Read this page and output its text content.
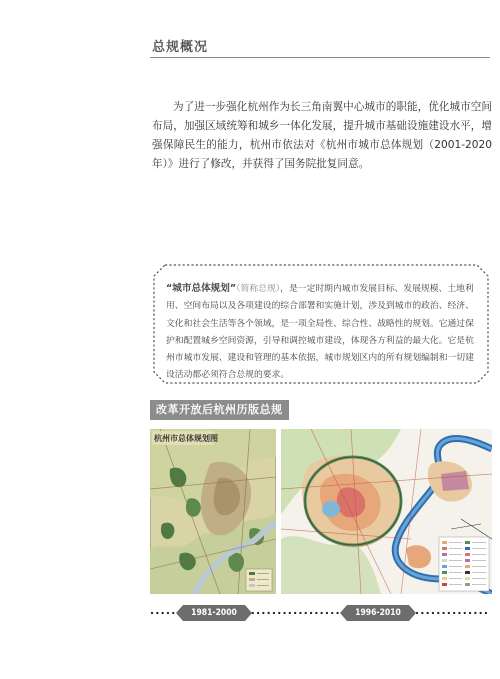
总规概况

为了进一步强化杭州作为长三角南翼中心城市的职能，优化城市空间布局，加强区域统筹和城乡一体化发展，提升城市基础设施建设水平，增强保障民生的能力，杭州市依法对《杭州市城市总体规划（2001-2020 年）》进行了修改，并获得了国务院批复同意。

“城市总体规划”（简称总规），是一定时期内城市发展目标、发展规模、土地利用、空间布局以及各项建设的综合部署和实施计划，涉及到城市的政治、经济、文化和社会生活等各个领域，是一项全局性、综合性、战略性的规划。它通过保护和配置城乡空间资源，引导和调控城市建设，体现各方利益的最大化。它是杭州市城市发展、建设和管理的基本依据，城市规划区内的所有规划编制和一切建设活动都必须符合总规的要求。
改革开放后杭州历版总规
杭州市总体规划图
1981-2000	1996-2010
